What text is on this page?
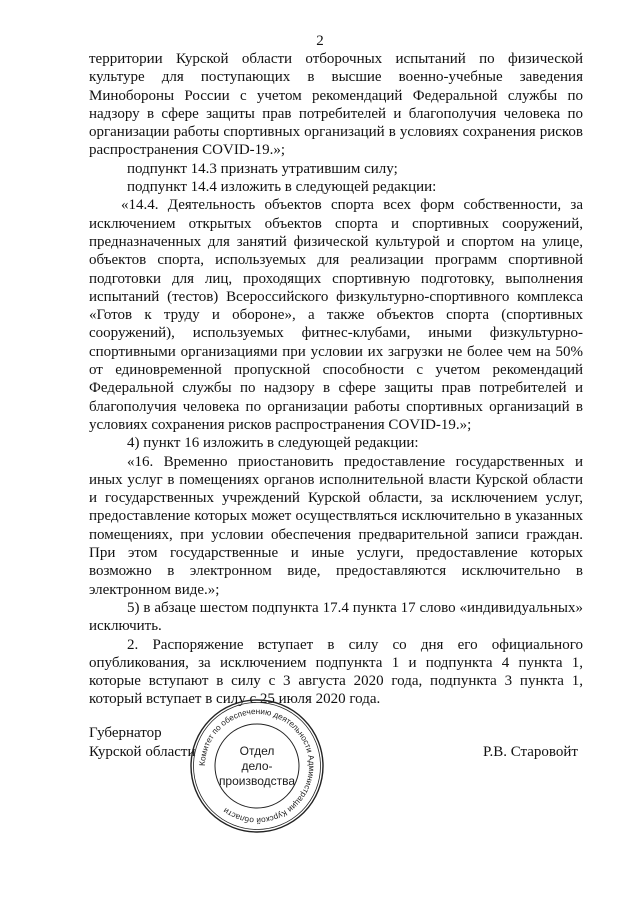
2

территории Курской области отборочных испытаний по физической культуре для поступающих в высшие военно-учебные заведения Минобороны России с учетом рекомендаций Федеральной службы по надзору в сфере защиты прав потребителей и благополучия человека по организации работы спортивных организаций в условиях сохранения рисков распространения COVID-19.»;

подпункт 14.3 признать утратившим силу;

подпункт 14.4 изложить в следующей редакции:

«14.4. Деятельность объектов спорта всех форм собственности, за исключением открытых объектов спорта и спортивных сооружений, предназначенных для занятий физической культурой и спортом на улице, объектов спорта, используемых для реализации программ спортивной подготовки для лиц, проходящих спортивную подготовку, выполнения испытаний (тестов) Всероссийского физкультурно-спортивного комплекса «Готов к труду и обороне», а также объектов спорта (спортивных сооружений), используемых фитнес-клубами, иными физкультурно-спортивными организациями при условии их загрузки не более чем на 50% от единовременной пропускной способности с учетом рекомендаций Федеральной службы по надзору в сфере защиты прав потребителей и благополучия человека по организации работы спортивных организаций в условиях сохранения рисков распространения COVID-19.»;

4) пункт 16 изложить в следующей редакции:

«16. Временно приостановить предоставление государственных и иных услуг в помещениях органов исполнительной власти Курской области и государственных учреждений Курской области, за исключением услуг, предоставление которых может осуществляться исключительно в указанных помещениях, при условии обеспечения предварительной записи граждан. При этом государственные и иные услуги, предоставление которых возможно в электронном виде, предоставляются исключительно в электронном виде.»;

5) в абзаце шестом подпункта 17.4 пункта 17 слово «индивидуальных» исключить.

2. Распоряжение вступает в силу со дня его официального опубликования, за исключением подпункта 1 и подпункта 4 пункта 1, которые вступают в силу с 3 августа 2020 года, подпункта 3 пункта 1, который вступает в силу с 25 июля 2020 года.

Губернатор
Курской области
Комитет по обеспечению деятельности Администрации Курской области
Отдел
дело-
производства
Р.В. Старовойт
